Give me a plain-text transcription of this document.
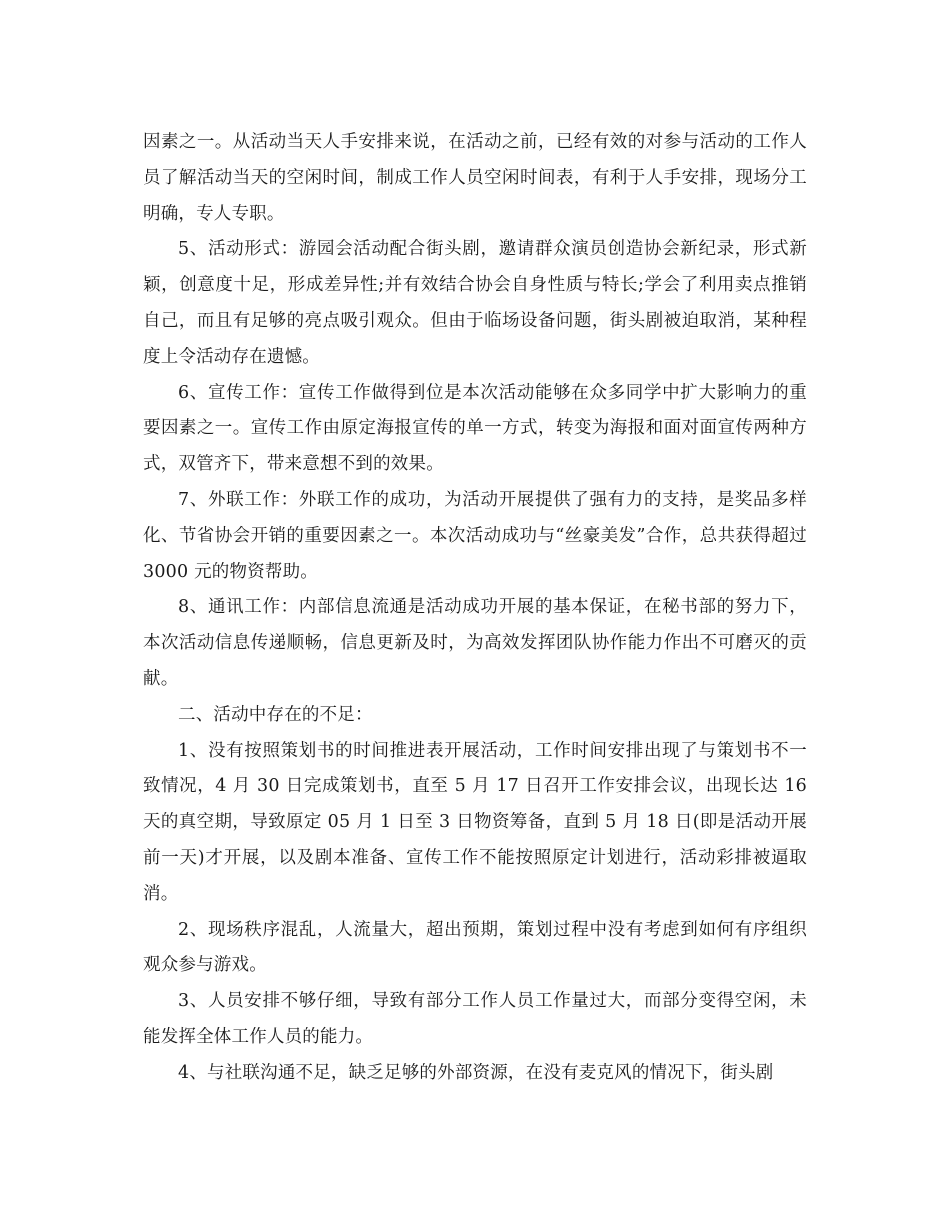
因素之一。从活动当天人手安排来说，在活动之前，已经有效的对参与活动的工作人员了解活动当天的空闲时间，制成工作人员空闲时间表，有利于人手安排，现场分工明确，专人专职。

5、活动形式：游园会活动配合街头剧，邀请群众演员创造协会新纪录，形式新颖，创意度十足，形成差异性;并有效结合协会自身性质与特长;学会了利用卖点推销自己，而且有足够的亮点吸引观众。但由于临场设备问题，街头剧被迫取消，某种程度上令活动存在遗憾。

6、宣传工作：宣传工作做得到位是本次活动能够在众多同学中扩大影响力的重要因素之一。宣传工作由原定海报宣传的单一方式，转变为海报和面对面宣传两种方式，双管齐下，带来意想不到的效果。

7、外联工作：外联工作的成功，为活动开展提供了强有力的支持，是奖品多样化、节省协会开销的重要因素之一。本次活动成功与“丝豪美发”合作，总共获得超过 3000 元的物资帮助。

8、通讯工作：内部信息流通是活动成功开展的基本保证，在秘书部的努力下，本次活动信息传递顺畅，信息更新及时，为高效发挥团队协作能力作出不可磨灭的贡献。

二、活动中存在的不足：

1、没有按照策划书的时间推进表开展活动，工作时间安排出现了与策划书不一致情况，4 月 30 日完成策划书，直至 5 月 17 日召开工作安排会议，出现长达 16 天的真空期，导致原定 05 月 1 日至 3 日物资筹备，直到 5 月 18 日(即是活动开展前一天)才开展，以及剧本准备、宣传工作不能按照原定计划进行，活动彩排被逼取消。

2、现场秩序混乱，人流量大，超出预期，策划过程中没有考虑到如何有序组织观众参与游戏。

3、人员安排不够仔细，导致有部分工作人员工作量过大，而部分变得空闲，未能发挥全体工作人员的能力。

4、与社联沟通不足，缺乏足够的外部资源，在没有麦克风的情况下，街头剧
